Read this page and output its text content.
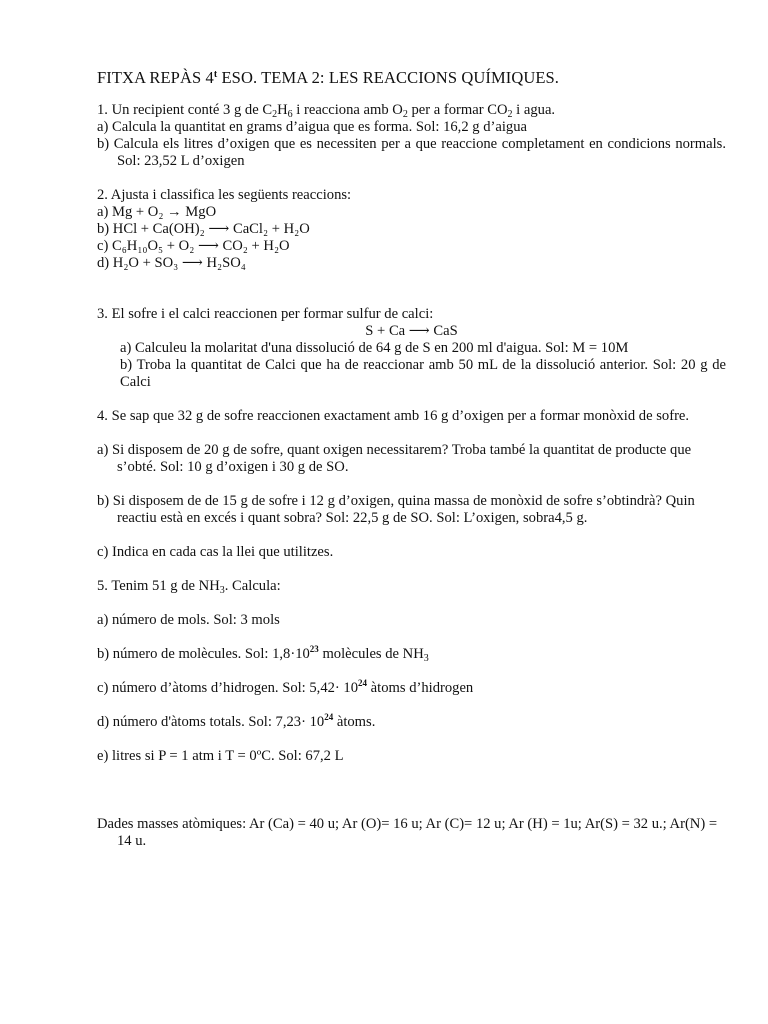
FITXA REPÀS 4$^t$ ESO. TEMA 2: LES REACCIONS QUÍMIQUES.

1. Un recipient conté 3 g de $C_2H_6$ i reacciona amb $O_2$ per a formar $CO_2$ i agua.

a) Calcula la quantitat en grams d’aigua que es forma. Sol: 16,2 g d’aigua

b) Calcula els litres d’oxigen que es necessiten per a que reaccione completament en condicions normals. Sol: 23,52 L d’oxigen

2. Ajusta i classifica les següents reaccions:

a) Mg + O₂ → MgO

b) HCl + Ca(OH)₂ ⟶ CaCl₂ + H₂O

c) C₆H₁₀O₅ + O₂ ⟶ CO₂ + H₂O

d) H₂O + SO₃ ⟶ H₂SO₄

3. El sofre i el calci reaccionen per formar sulfur de calci:

S + Ca ⟶ CaS

a) Calculeu la molaritat d'una dissolució de 64 g de S en 200 ml d'aigua. Sol: M = 10M

b) Troba la quantitat de Calci que ha de reaccionar amb 50 mL de la dissolució anterior. Sol: 20 g de Calci

4. Se sap que 32 g de sofre reaccionen exactament amb 16 g d’oxigen per a formar monòxid de sofre.

a) Si disposem de 20 g de sofre, quant oxigen necessitarem? Troba també la quantitat de producte que s’obté. Sol: 10 g d’oxigen i 30 g de SO.

b) Si disposem de de 15 g de sofre i 12 g d’oxigen, quina massa de monòxid de sofre s’obtindrà? Quin reactiu està en excés i quant sobra? Sol: 22,5 g de SO. Sol: L’oxigen, sobra4,5 g.

c) Indica en cada cas la llei que utilitzes.

5. Tenim 51 g de $NH_3$. Calcula:

a) número de mols. Sol: 3 mols

b) número de molècules. Sol: $1,8\cdot 10^{23}$ molècules de $NH_3$

c) número d’àtoms d’hidrogen. Sol: $5,42\cdot 10^{24}$ àtoms d’hidrogen

d) número d'àtoms totals. Sol: $7,23\cdot 10^{24}$ àtoms.

e) litres si P = 1 atm i T = 0ºC. Sol: 67,2 L

Dades masses atòmiques: Ar (Ca) = 40 u; Ar (O)= 16 u; Ar (C)= 12 u; Ar (H) = 1u; Ar(S) = 32 u.; Ar(N) = 14 u.
